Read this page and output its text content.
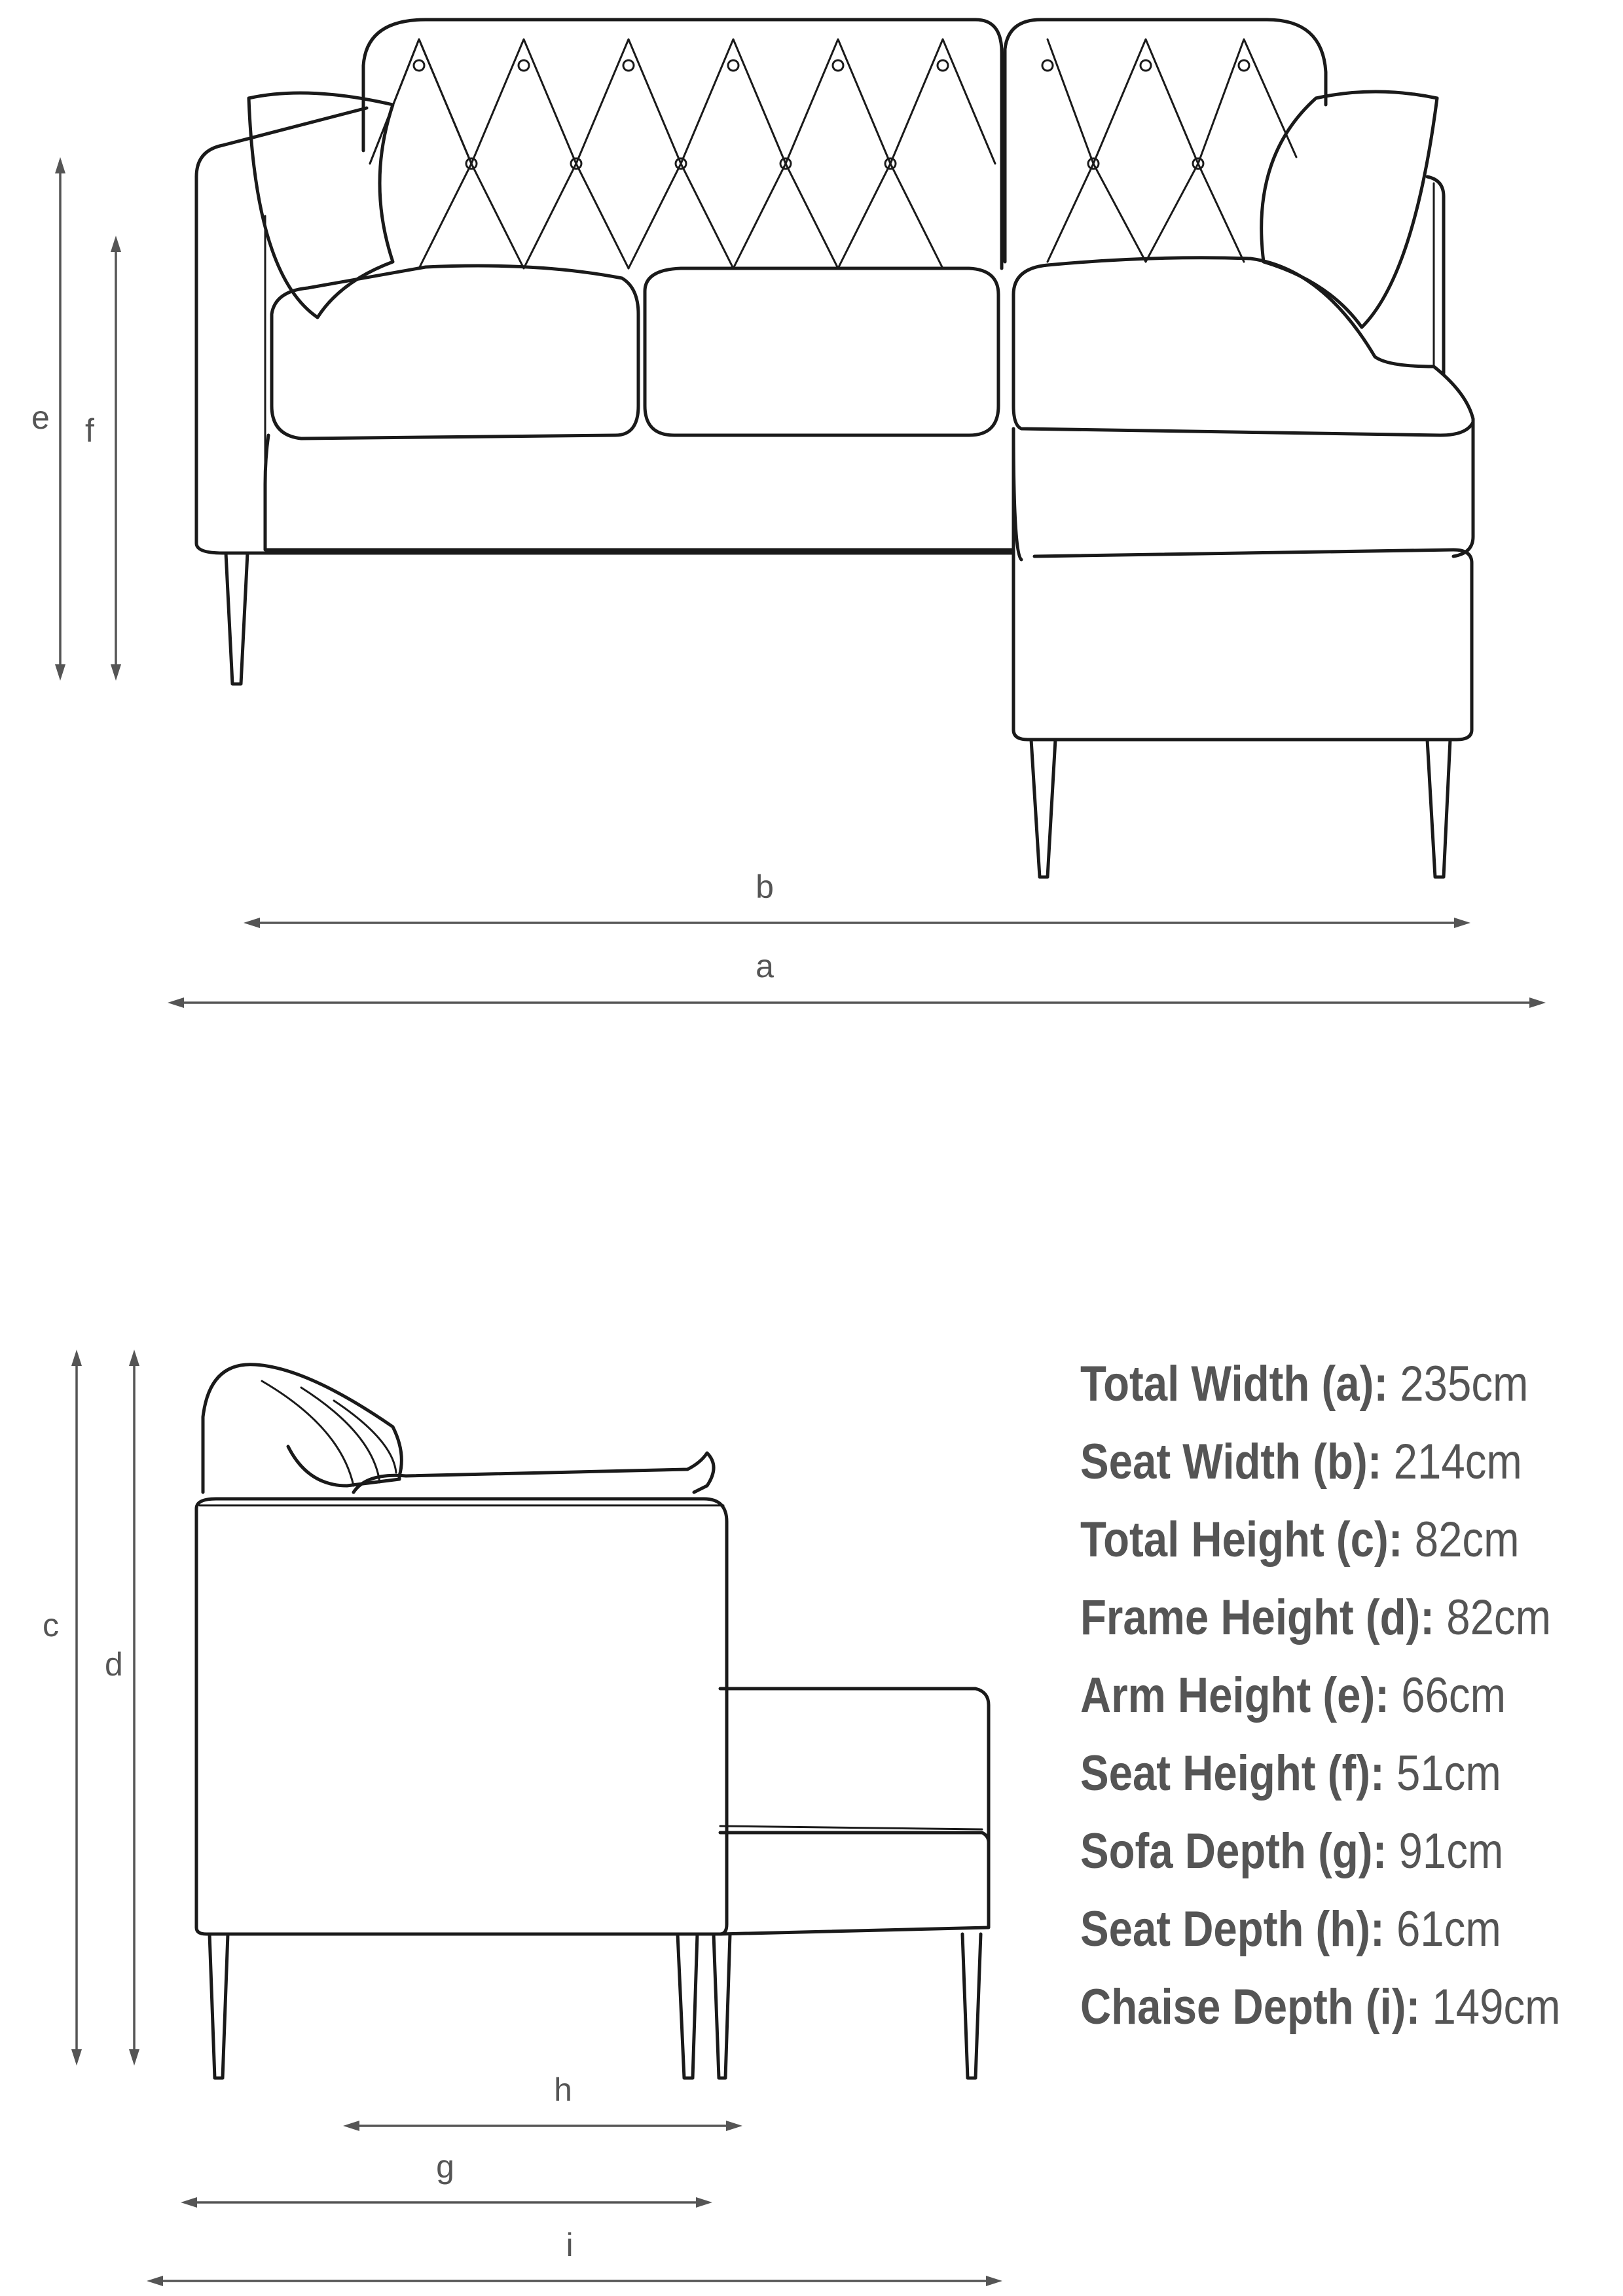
e f
b
a
c
d
h
g
i
Total Width (a): 235cm
Seat Width (b): 214cm
Total Height (c): 82cm
Frame Height (d): 82cm
Arm Height (e): 66cm
Seat Height (f): 51cm
Sofa Depth (g): 91cm
Seat Depth (h): 61cm
Chaise Depth (i): 149cm
